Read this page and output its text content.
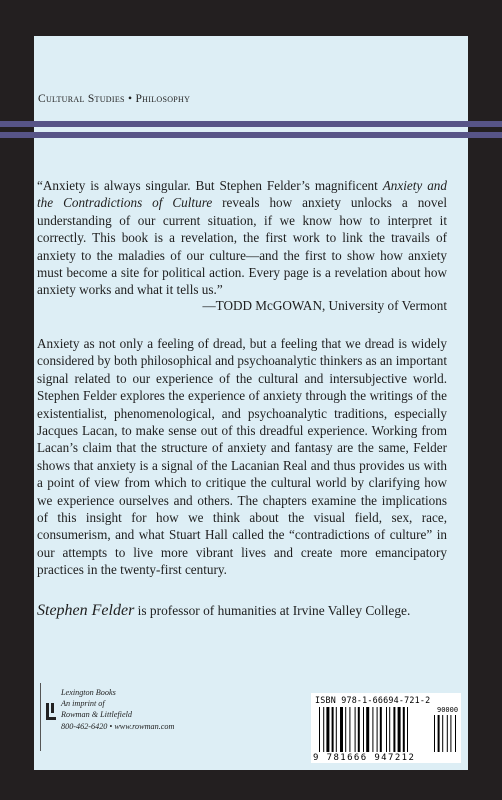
Cultural Studies • Philosophy
“Anxiety is always singular. But Stephen Felder’s magnificent Anxiety and the Contradictions of Culture reveals how anxiety unlocks a novel understanding of our current situation, if we know how to interpret it correctly. This book is a revelation, the first work to link the travails of anxiety to the maladies of our culture—and the first to show how anxiety must become a site for political action. Every page is a revelation about how anxiety works and what it tells us.”
—TODD McGOWAN, University of Vermont
Anxiety as not only a feeling of dread, but a feeling that we dread is widely considered by both philosophical and psychoanalytic thinkers as an important signal related to our experience of the cultural and intersubjective world. Stephen Felder explores the experience of anxiety through the writings of the existentialist, phenomenological, and psychoanalytic traditions, especially Jacques Lacan, to make sense out of this dreadful experience. Working from Lacan’s claim that the structure of anxiety and fantasy are the same, Felder shows that anxiety is a signal of the Lacanian Real and thus provides us with a point of view from which to critique the cultural world by clarifying how we experience ourselves and others. The chapters examine the implications of this insight for how we think about the visual field, sex, race, consumerism, and what Stuart Hall called the “contradictions of culture” in our attempts to live more vibrant lives and create more emancipatory practices in the twenty-first century.
Stephen Felder is professor of humanities at Irvine Valley College.
Lexington Books
An imprint of
Rowman & Littlefield
800-462-6420 • www.rowman.com
ISBN 978-1-66694-721-2
90000
9 781666 947212
